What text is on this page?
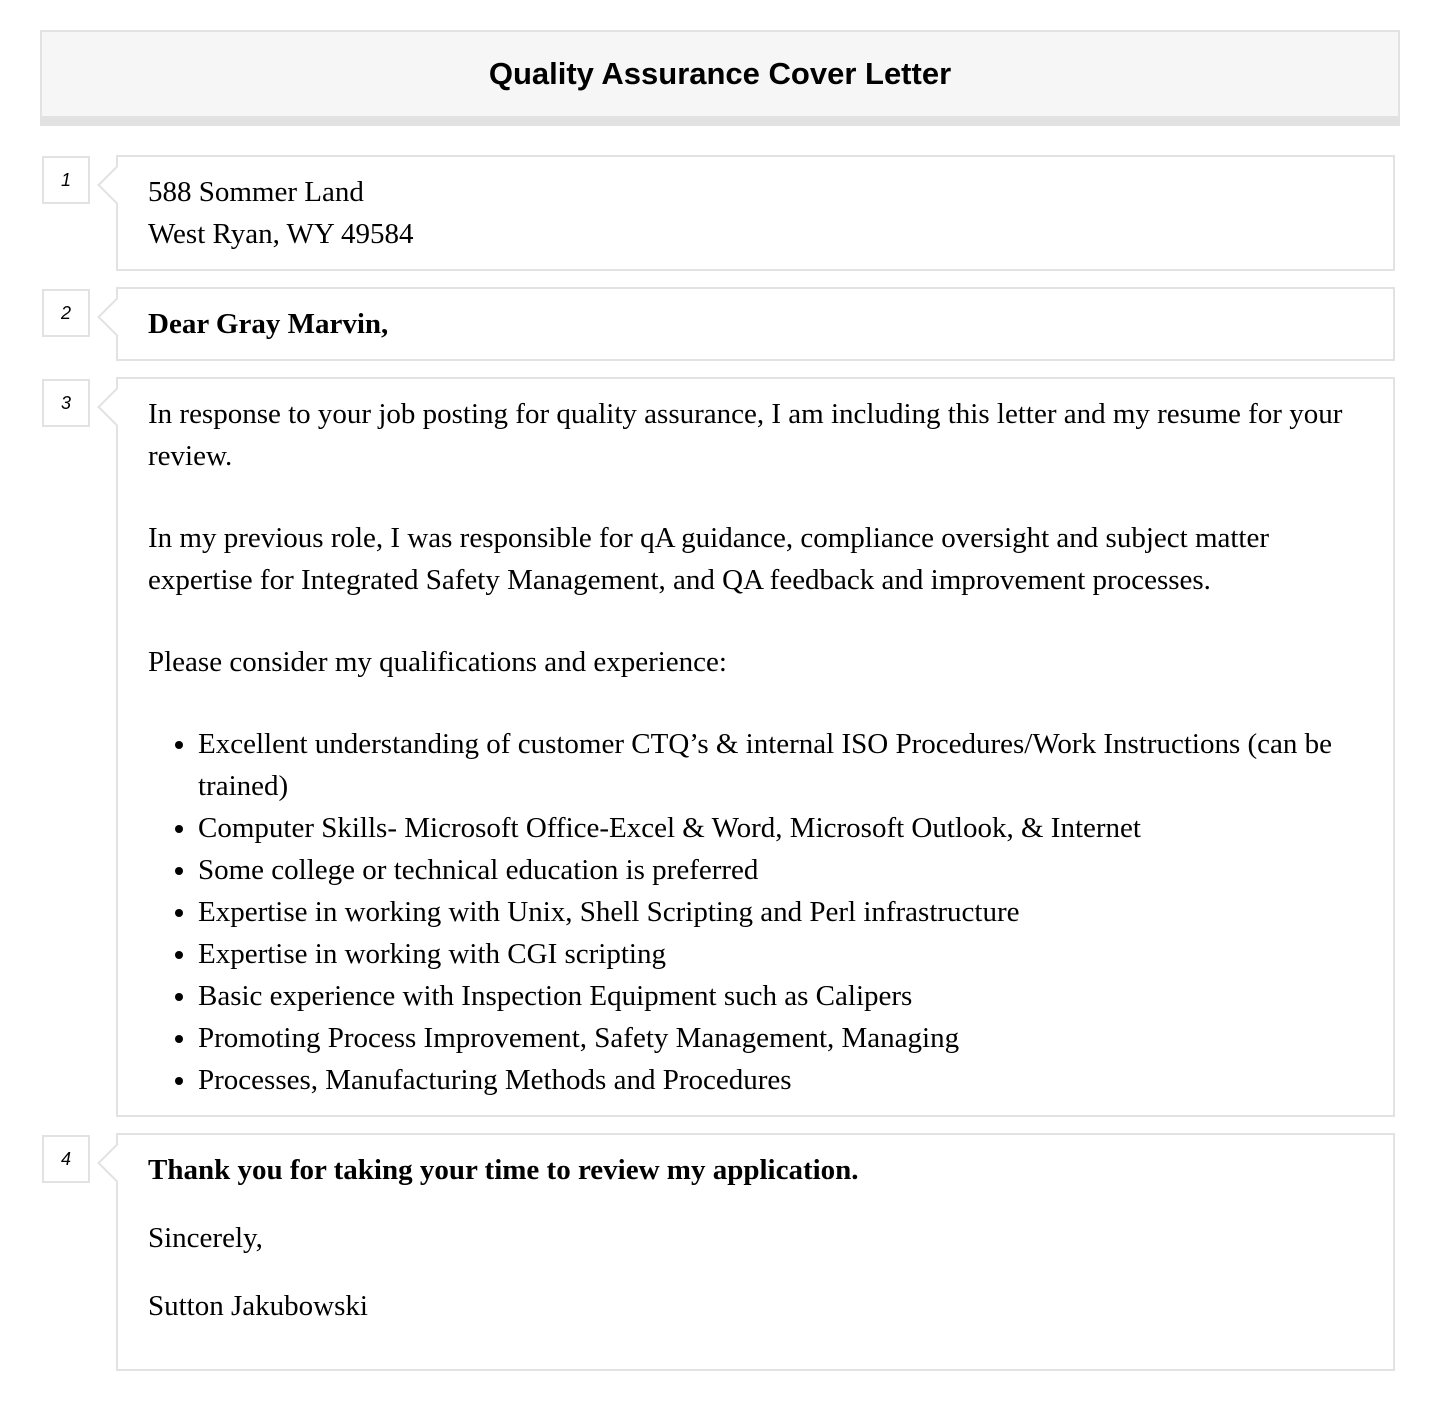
Quality Assurance Cover Letter
1	588 Sommer Land

West Ryan, WY 49584

2	Dear Gray Marvin,

3	In response to your job posting for quality assurance, I am including this letter and my resume for your review.

In my previous role, I was responsible for qA guidance, compliance oversight and subject matter expertise for Integrated Safety Management, and QA feedback and improvement processes.

Please consider my qualifications and experience:

• Excellent understanding of customer CTQ’s & internal ISO Procedures/Work Instructions (can be trained)
• Computer Skills- Microsoft Office-Excel & Word, Microsoft Outlook, & Internet
• Some college or technical education is preferred
• Expertise in working with Unix, Shell Scripting and Perl infrastructure
• Expertise in working with CGI scripting
• Basic experience with Inspection Equipment such as Calipers
• Promoting Process Improvement, Safety Management, Managing
• Processes, Manufacturing Methods and Procedures
4	Thank you for taking your time to review my application.

Sincerely,

Sutton Jakubowski
